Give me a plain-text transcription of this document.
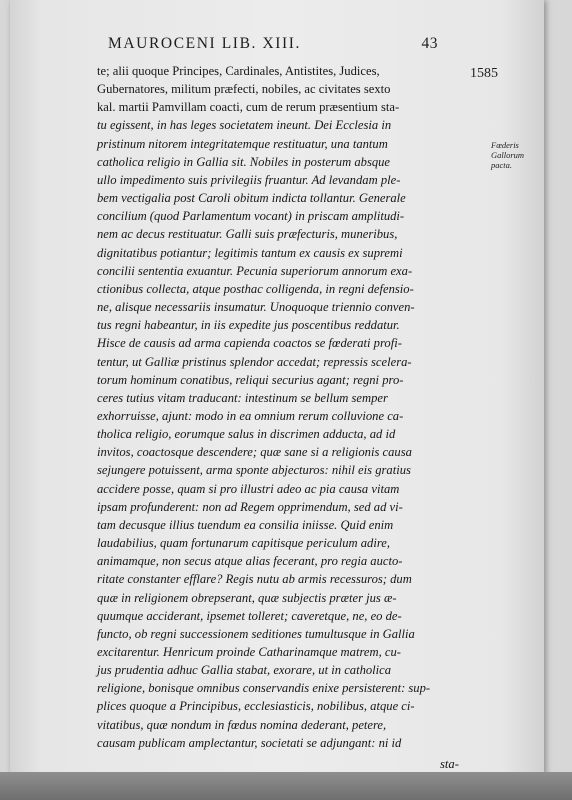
MAUROCENI LIB. XIII.	43
1585
Fœderis
Gallorum
pacta.
te; alii quoque Principes, Cardinales, Antistites, Judices,
Gubernatores, militum præfecti, nobiles, ac civitates sexto
kal. martii Pamvillam coacti, cum de rerum præsentium sta-
tu egissent, in has leges societatem ineunt. Dei Ecclesia in
pristinum nitorem integritatemque restituatur, una tantum
catholica religio in Gallia sit. Nobiles in posterum absque
ullo impedimento suis privilegiis fruantur. Ad levandam ple-
bem vectigalia post Caroli obitum indicta tollantur. Generale
concilium (quod Parlamentum vocant) in priscam amplitudi-
nem ac decus restituatur. Galli suis præfecturis, muneribus,
dignitatibus potiantur; legitimis tantum ex causis ex supremi
concilii sententia exuantur. Pecunia superiorum annorum exa-
ctionibus collecta, atque posthac colligenda, in regni defensio-
ne, alisque necessariis insumatur. Unoquoque triennio conven-
tus regni habeantur, in iis expedite jus poscentibus reddatur.
Hisce de causis ad arma capienda coactos se fœderati profi-
tentur, ut Galliæ pristinus splendor accedat; repressis scelera-
torum hominum conatibus, reliqui securius agant; regni pro-
ceres tutius vitam traducant: intestinum se bellum semper
exhorruisse, ajunt: modo in ea omnium rerum colluvione ca-
tholica religio, eorumque salus in discrimen adducta, ad id
invitos, coactosque descendere; quæ sane si a religionis causa
sejungere potuissent, arma sponte abjecturos: nihil eis gratius
accidere posse, quam si pro illustri adeo ac pia causa vitam
ipsam profunderent: non ad Regem opprimendum, sed ad vi-
tam decusque illius tuendum ea consilia iniisse. Quid enim
laudabilius, quam fortunarum capitisque periculum adire,
animamque, non secus atque alias fecerant, pro regia aucto-
ritate constanter efflare? Regis nutu ab armis recessuros; dum
quæ in religionem obrepserant, quæ subjectis præter jus æ-
quumque acciderant, ipsemet tolleret; caveretque, ne, eo de-
functo, ob regni successionem seditiones tumultusque in Gallia
excitarentur. Henricum proinde Catharinamque matrem, cu-
jus prudentia adhuc Gallia stabat, exorare, ut in catholica
religione, bonisque omnibus conservandis enixe persisterent: sup-
plices quoque a Principibus, ecclesiasticis, nobilibus, atque ci-
vitatibus, quæ nondum in fœdus nomina dederant, petere,
causam publicam amplectantur, societati se adjungant: ni id
sta-
